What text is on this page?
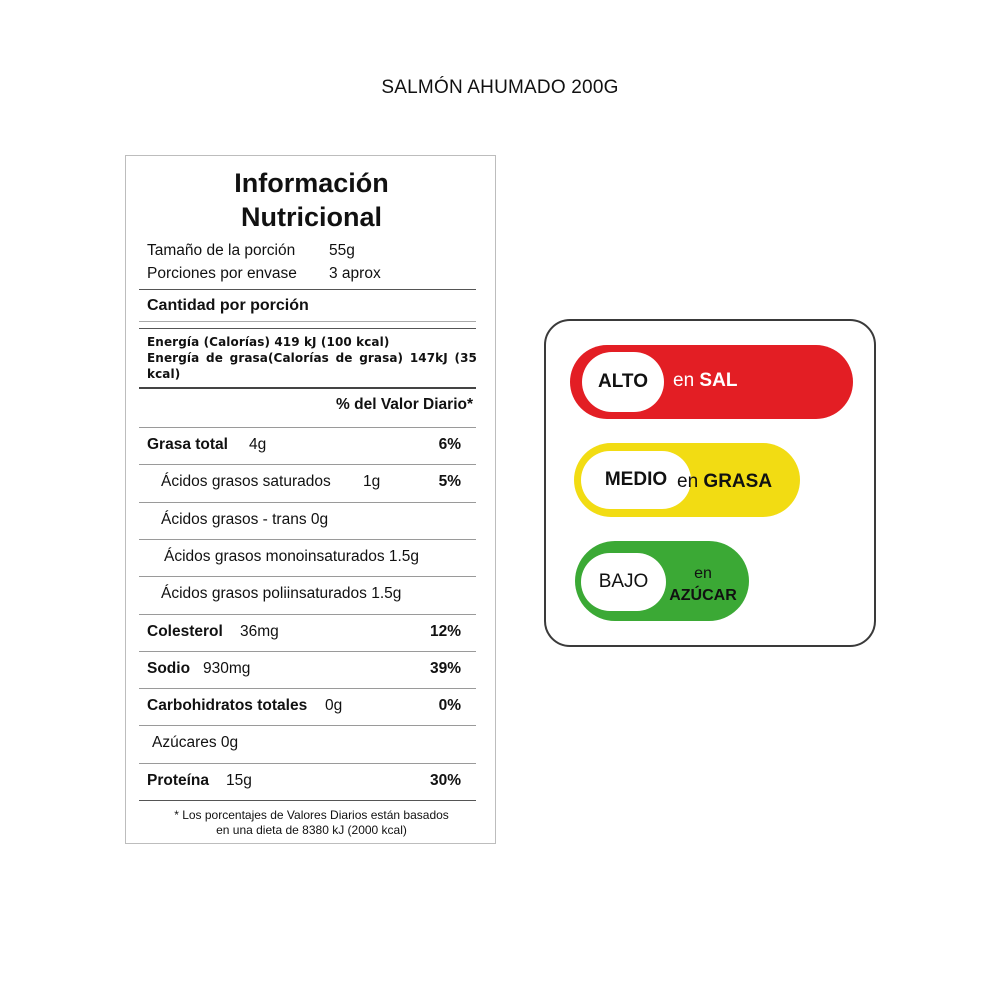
SALMÓN AHUMADO 200G
Información
Nutricional
Tamaño de la porción 55g
Porciones por envase 3 aprox
Cantidad por porción
Energía (Calorías) 419 kJ (100 kcal)
Energía de grasa(Calorías de grasa) 147kJ (35
kcal)
% del Valor Diario*
Grasa total 4g	6%
Ácidos grasos saturados 1g	5%
Ácidos grasos - trans 0g
Ácidos grasos monoinsaturados 1.5g
Ácidos grasos poliinsaturados 1.5g
Colesterol 36mg	12%
Sodio 930mg	39%
Carbohidratos totales 0g	0%
Azúcares 0g
Proteína 15g	30%
* Los porcentajes de Valores Diarios están basados
en una dieta de 8380 kJ (2000 kcal)
ALTO	en SAL
MEDIO en GRASA
BAJO	en
AZÚCAR
